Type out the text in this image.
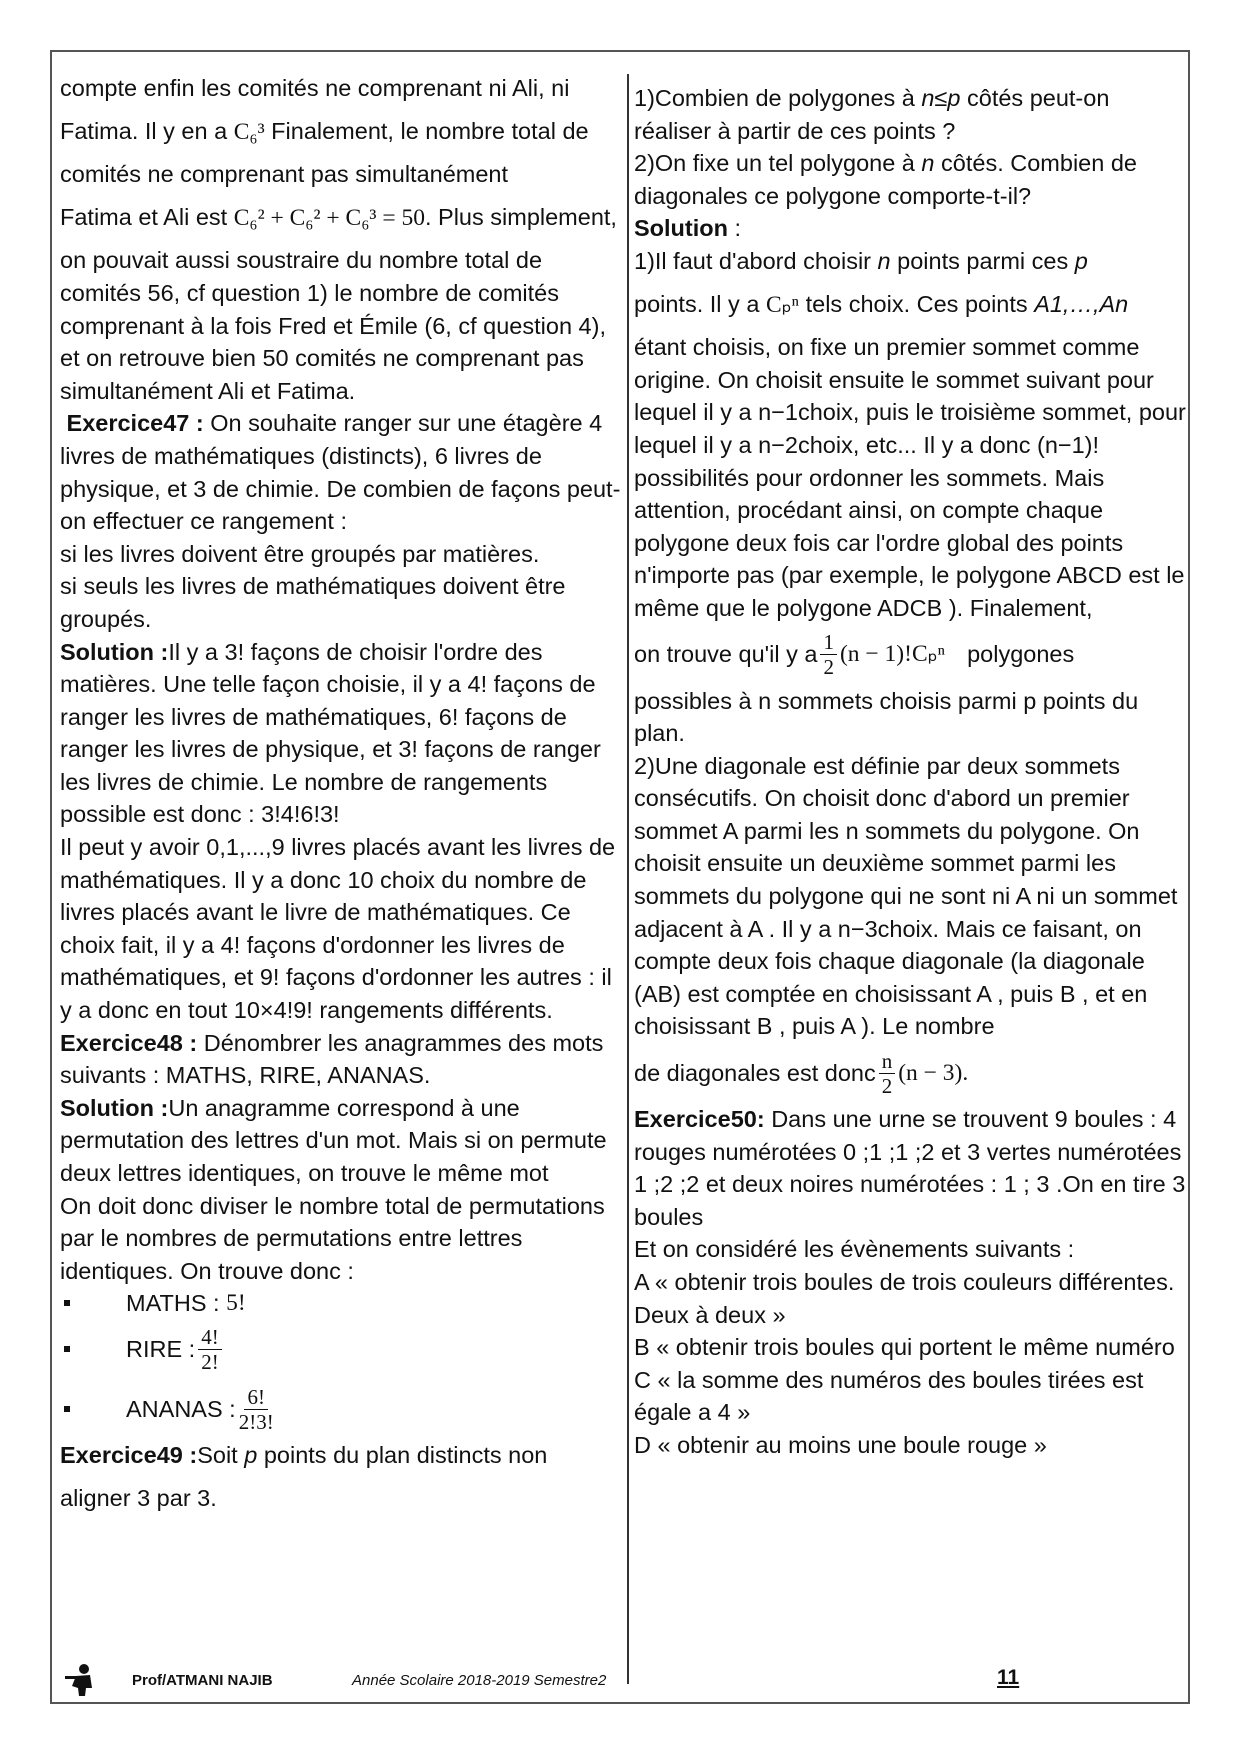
compte enfin les comités ne comprenant ni Ali, ni

Fatima. Il y en a C₆³ Finalement, le nombre total de

comités ne comprenant pas simultanément

Fatima et Ali est C₆² + C₆² + C₆³ = 50. Plus simplement,

on pouvait aussi soustraire du nombre total de comités 56, cf question 1) le nombre de comités comprenant à la fois Fred et Émile (6, cf question 4), et on retrouve bien 50 comités ne comprenant pas simultanément Ali et Fatima.

Exercice47 : On souhaite ranger sur une étagère 4 livres de mathématiques (distincts), 6 livres de physique, et 3 de chimie. De combien de façons peut-on effectuer ce rangement :

si les livres doivent être groupés par matières.

si seuls les livres de mathématiques doivent être groupés.

Solution :Il y a 3! façons de choisir l'ordre des matières. Une telle façon choisie, il y a 4! façons de ranger les livres de mathématiques, 6! façons de ranger les livres de physique, et 3! façons de ranger les livres de chimie. Le nombre de rangements possible est donc : 3!4!6!3!

Il peut y avoir 0,1,...,9 livres placés avant les livres de mathématiques. Il y a donc 10 choix du nombre de livres placés avant le livre de mathématiques. Ce choix fait, il y a 4! façons d'ordonner les livres de mathématiques, et 9! façons d'ordonner les autres : il y a donc en tout 10×4!9! rangements différents.

Exercice48 : Dénombrer les anagrammes des mots suivants : MATHS, RIRE, ANANAS.

Solution :Un anagramme correspond à une permutation des lettres d'un mot. Mais si on permute deux lettres identiques, on trouve le même mot

On doit donc diviser le nombre total de permutations par le nombres de permutations entre lettres identiques. On trouve donc :

MATHS :
5!
RIRE : $\frac{4!}{2!}$
ANANAS : $\frac{6!}{2!3!}$

Exercice49 :Soit p points du plan distincts non

aligner 3 par 3.

1)Combien de polygones à n≤p côtés peut-on réaliser à partir de ces points ?

2)On fixe un tel polygone à n côtés. Combien de diagonales ce polygone comporte-t-il?

Solution :

1)Il faut d'abord choisir n points parmi ces p

points. Il y a Cₚⁿ tels choix. Ces points A1,…,An

étant choisis, on fixe un premier sommet comme origine. On choisit ensuite le sommet suivant pour lequel il y a n−1choix, puis le troisième sommet, pour lequel il y a n−2choix, etc... Il y a donc (n−1)! possibilités pour ordonner les sommets. Mais attention, procédant ainsi, on compte chaque polygone deux fois car l'ordre global des points n'importe pas (par exemple, le polygone ABCD est le même que le polygone ADCB ). Finalement,

on trouve qu'il y a $\frac{1}{2} (n - 1)!C_p^n$ polygones

possibles à n sommets choisis parmi p points du plan.

2)Une diagonale est définie par deux sommets consécutifs. On choisit donc d'abord un premier sommet A parmi les n sommets du polygone. On choisit ensuite un deuxième sommet parmi les sommets du polygone qui ne sont ni A ni un sommet adjacent à A . Il y a n−3choix. Mais ce faisant, on compte deux fois chaque diagonale (la diagonale (AB) est comptée en choisissant A , puis B , et en choisissant B , puis A ). Le nombre

de diagonales est donc $\frac{n}{2} (n - 3)$.

Exercice50: Dans une urne se trouvent 9 boules : 4 rouges numérotées 0 ;1 ;1 ;2 et 3 vertes numérotées 1 ;2 ;2 et deux noires numérotées : 1 ; 3 .On en tire 3 boules

Et on considéré les évènements suivants :

A « obtenir trois boules de trois couleurs différentes. Deux à deux »

B « obtenir trois boules qui portent le même numéro

C « la somme des numéros des boules tirées est égale a 4 »

D « obtenir au moins une boule rouge »

Prof/ATMANI NAJIB	Année Scolaire 2018-2019 Semestre2	11
